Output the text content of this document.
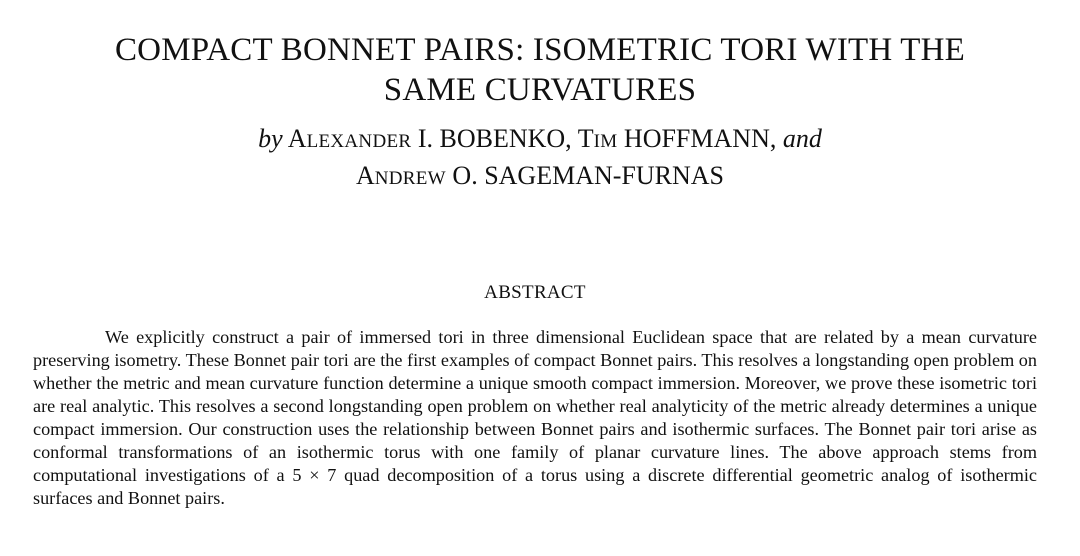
COMPACT BONNET PAIRS: ISOMETRIC TORI WITH THE
SAME CURVATURES
by ALEXANDER I. BOBENKO, TIM HOFFMANN, and
ANDREW O. SAGEMAN-FURNAS
ABSTRACT

We explicitly construct a pair of immersed tori in three dimensional Euclidean space that are related by a mean curvature preserving isometry. These Bonnet pair tori are the first examples of compact Bonnet pairs. This resolves a longstanding open problem on whether the metric and mean curvature function determine a unique smooth compact immersion. Moreover, we prove these isometric tori are real analytic. This resolves a second longstanding open problem on whether real analyticity of the metric already determines a unique compact immersion. Our construction uses the relationship between Bonnet pairs and isothermic surfaces. The Bonnet pair tori arise as conformal transformations of an isothermic torus with one family of planar curvature lines. The above approach stems from computational investigations of a 5 × 7 quad decomposition of a torus using a discrete differential geometric analog of isothermic surfaces and Bonnet pairs.
